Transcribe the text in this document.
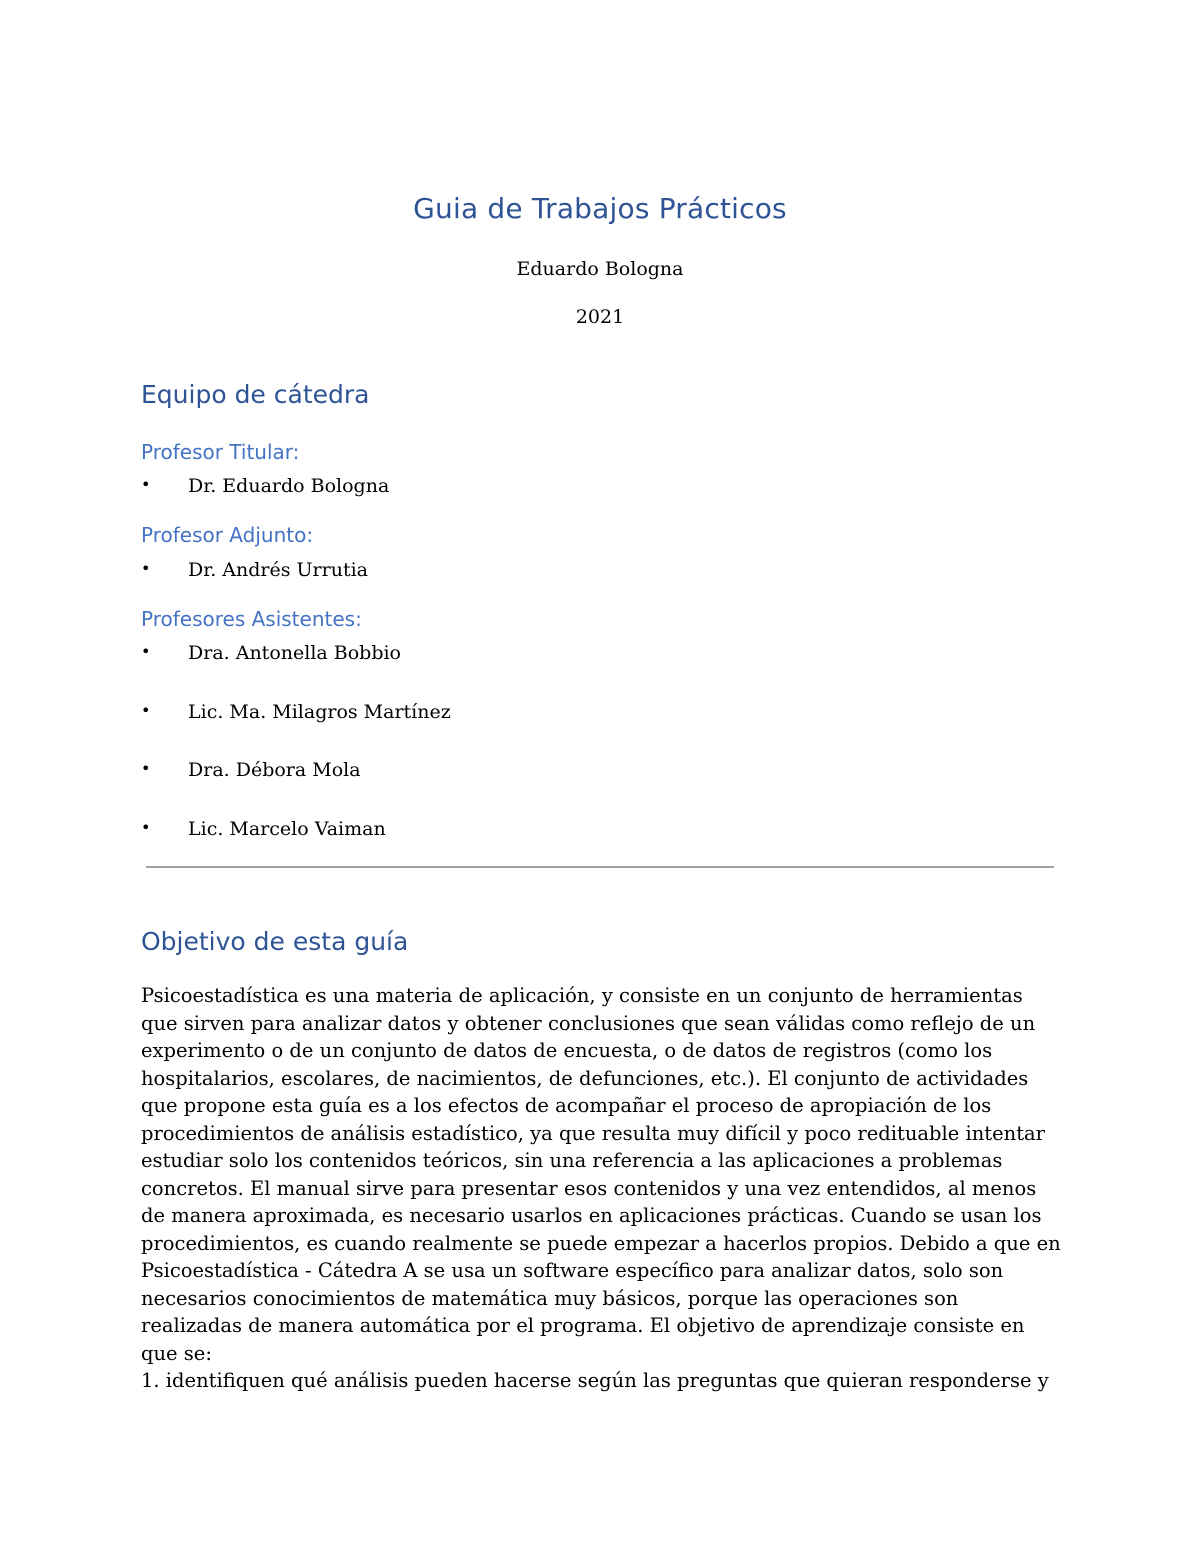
Guia de Trabajos Prácticos
Eduardo Bologna
2021
Equipo de cátedra
Profesor Titular:
• Dr. Eduardo Bologna
Profesor Adjunto:
• Dr. Andrés Urrutia
Profesores Asistentes:
• Dra. Antonella Bobbio
• Lic. Ma. Milagros Martínez
• Dra. Débora Mola
• Lic. Marcelo Vaiman
Objetivo de esta guía

Psicoestadística es una materia de aplicación, y consiste en un conjunto de herramientas que sirven para analizar datos y obtener conclusiones que sean válidas como reflejo de un experimento o de un conjunto de datos de encuesta, o de datos de registros (como los hospitalarios, escolares, de nacimientos, de defunciones, etc.). El conjunto de actividades que propone esta guía es a los efectos de acompañar el proceso de apropiación de los procedimientos de análisis estadístico, ya que resulta muy difícil y poco redituable intentar estudiar solo los contenidos teóricos, sin una referencia a las aplicaciones a problemas concretos. El manual sirve para presentar esos contenidos y una vez entendidos, al menos de manera aproximada, es necesario usarlos en aplicaciones prácticas. Cuando se usan los procedimientos, es cuando realmente se puede empezar a hacerlos propios. Debido a que en Psicoestadística - Cátedra A se usa un software específico para analizar datos, solo son necesarios conocimientos de matemática muy básicos, porque las operaciones son realizadas de manera automática por el programa. El objetivo de aprendizaje consiste en que se:

1. identifiquen qué análisis pueden hacerse según las preguntas que quieran responderse y
